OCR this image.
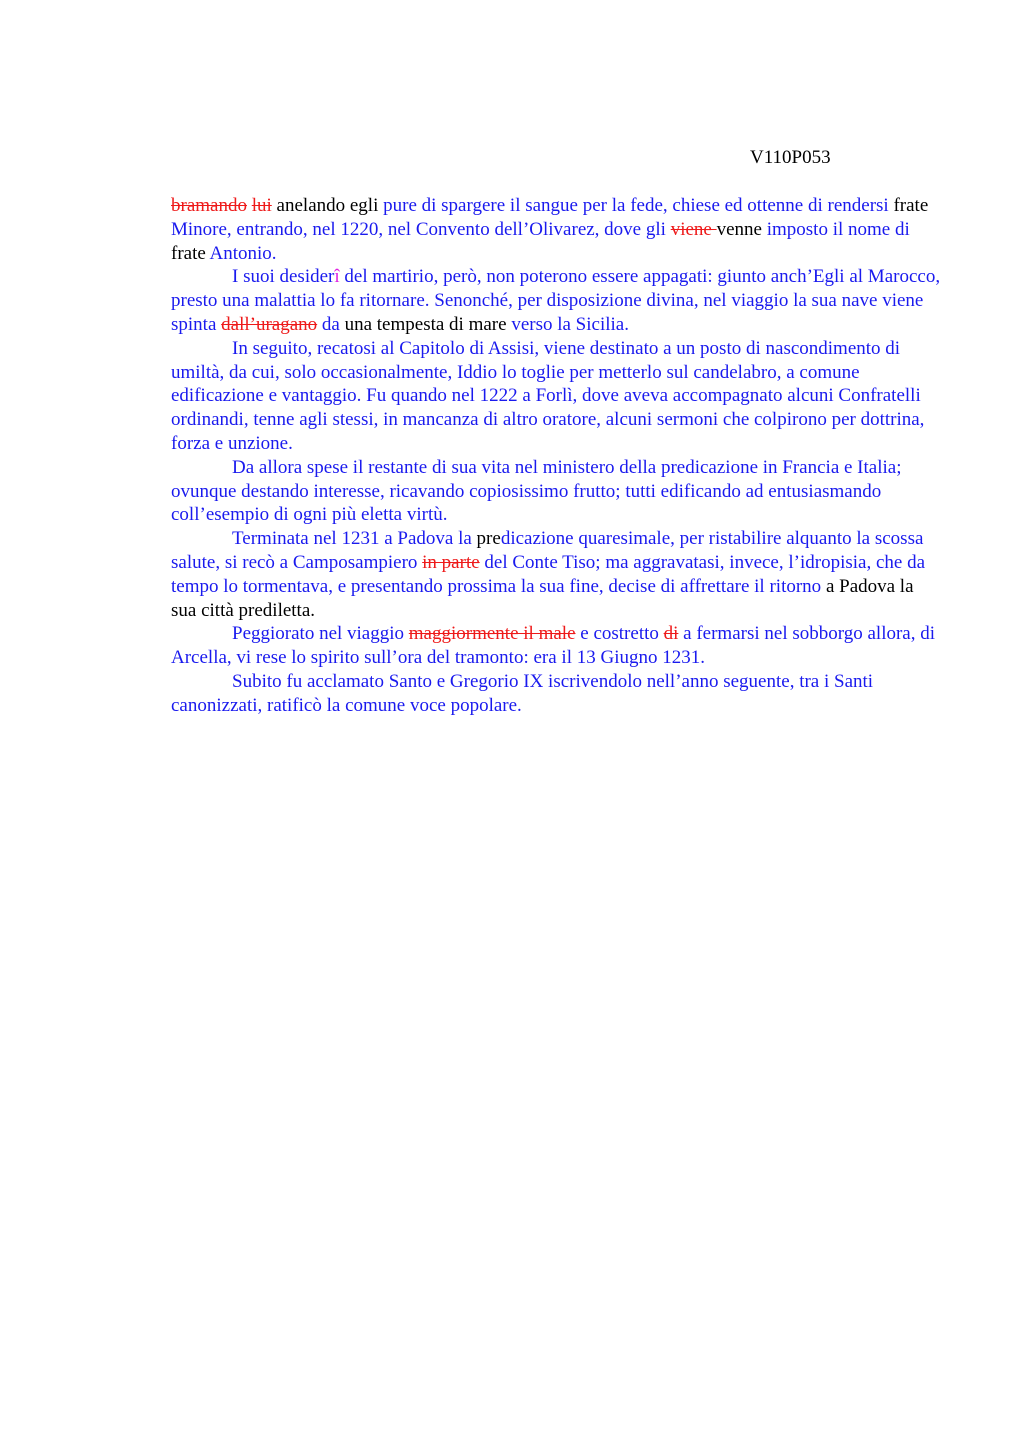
V110P053

bramando lui anelando egli pure di spargere il sangue per la fede, chiese ed ottenne di rendersi frate Minore, entrando, nel 1220, nel Convento dell’Olivarez, dove gli viene venne imposto il nome di frate Antonio.

I suoi desiderî del martirio, però, non poterono essere appagati: giunto anch’Egli al Marocco, presto una malattia lo fa ritornare. Senonché, per disposizione divina, nel viaggio la sua nave viene spinta dall’uragano da una tempesta di mare verso la Sicilia.

In seguito, recatosi al Capitolo di Assisi, viene destinato a un posto di nascondimento di umiltà, da cui, solo occasionalmente, Iddio lo toglie per metterlo sul candelabro, a comune edificazione e vantaggio. Fu quando nel 1222 a Forlì, dove aveva accompagnato alcuni Confratelli ordinandi, tenne agli stessi, in mancanza di altro oratore, alcuni sermoni che colpirono per dottrina, forza e unzione.

Da allora spese il restante di sua vita nel ministero della predicazione in Francia e Italia; ovunque destando interesse, ricavando copiosissimo frutto; tutti edificando ad entusiasmando coll’esempio di ogni più eletta virtù.

Terminata nel 1231 a Padova la predicazione quaresimale, per ristabilire alquanto la scossa salute, si recò a Camposampiero in parte del Conte Tiso; ma aggravatasi, invece, l’idropisia, che da tempo lo tormentava, e presentando prossima la sua fine, decise di affrettare il ritorno a Padova la sua città prediletta.

Peggiorato nel viaggio maggiormente il male e costretto di a fermarsi nel sobborgo allora, di Arcella, vi rese lo spirito sull’ora del tramonto: era il 13 Giugno 1231.

Subito fu acclamato Santo e Gregorio IX iscrivendolo nell’anno seguente, tra i Santi canonizzati, ratificò la comune voce popolare.
